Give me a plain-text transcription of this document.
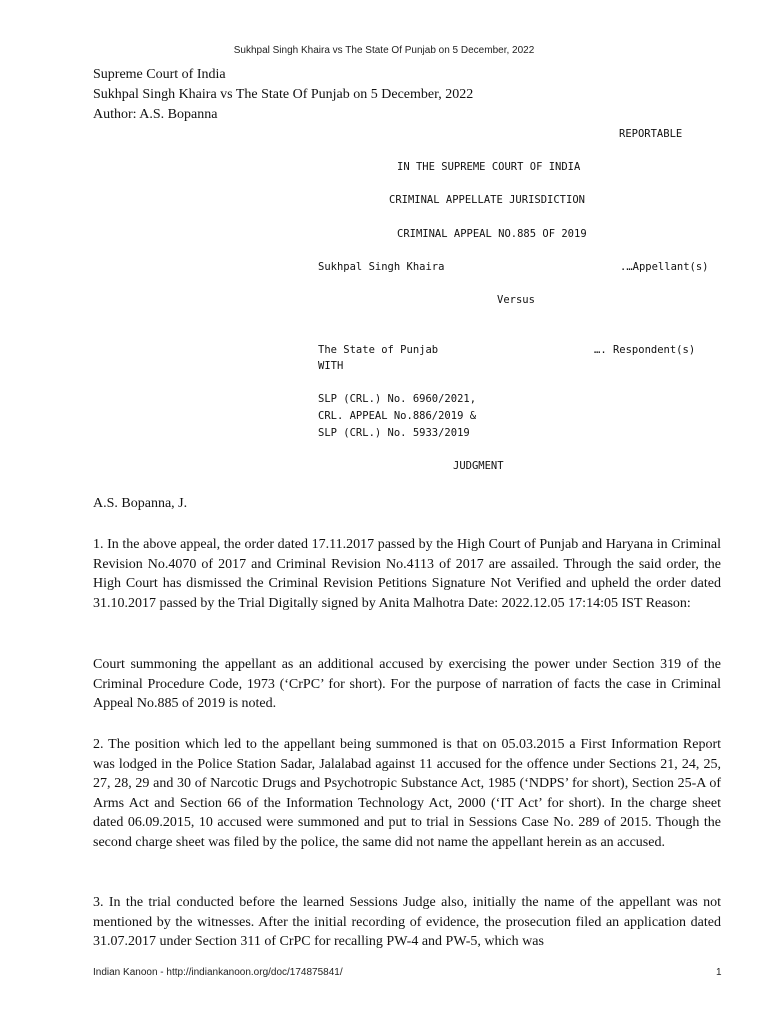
Sukhpal Singh Khaira vs The State Of Punjab on 5 December, 2022
Supreme Court of India
Sukhpal Singh Khaira vs The State Of Punjab on 5 December, 2022
Author: A.S. Bopanna
REPORTABLE
IN THE SUPREME COURT OF INDIA
CRIMINAL APPELLATE JURISDICTION
CRIMINAL APPEAL NO.885 OF 2019
Sukhpal Singh Khaira	.…Appellant(s)
Versus
The State of Punjab	…. Respondent(s)
WITH
SLP (CRL.) No. 6960/2021,
CRL. APPEAL No.886/2019 &
SLP (CRL.) No. 5933/2019
JUDGMENT
A.S. Bopanna, J.
1. In the above appeal, the order dated 17.11.2017 passed by the High Court of Punjab and Haryana in Criminal Revision No.4070 of 2017 and Criminal Revision No.4113 of 2017 are assailed. Through the said order, the High Court has dismissed the Criminal Revision Petitions Signature Not Verified and upheld the order dated 31.10.2017 passed by the Trial Digitally signed by Anita Malhotra Date: 2022.12.05 17:14:05 IST Reason:
Court summoning the appellant as an additional accused by exercising the power under Section 319 of the Criminal Procedure Code, 1973 (‘CrPC’ for short). For the purpose of narration of facts the case in Criminal Appeal No.885 of 2019 is noted.
2. The position which led to the appellant being summoned is that on 05.03.2015 a First Information Report was lodged in the Police Station Sadar, Jalalabad against 11 accused for the offence under Sections 21, 24, 25, 27, 28, 29 and 30 of Narcotic Drugs and Psychotropic Substance Act, 1985 (‘NDPS’ for short), Section 25-A of Arms Act and Section 66 of the Information Technology Act, 2000 (‘IT Act’ for short). In the charge sheet dated 06.09.2015, 10 accused were summoned and put to trial in Sessions Case No. 289 of 2015. Though the second charge sheet was filed by the police, the same did not name the appellant herein as an accused.
3. In the trial conducted before the learned Sessions Judge also, initially the name of the appellant was not mentioned by the witnesses. After the initial recording of evidence, the prosecution filed an application dated 31.07.2017 under Section 311 of CrPC for recalling PW-4 and PW-5, which was
Indian Kanoon - http://indiankanoon.org/doc/174875841/	1
